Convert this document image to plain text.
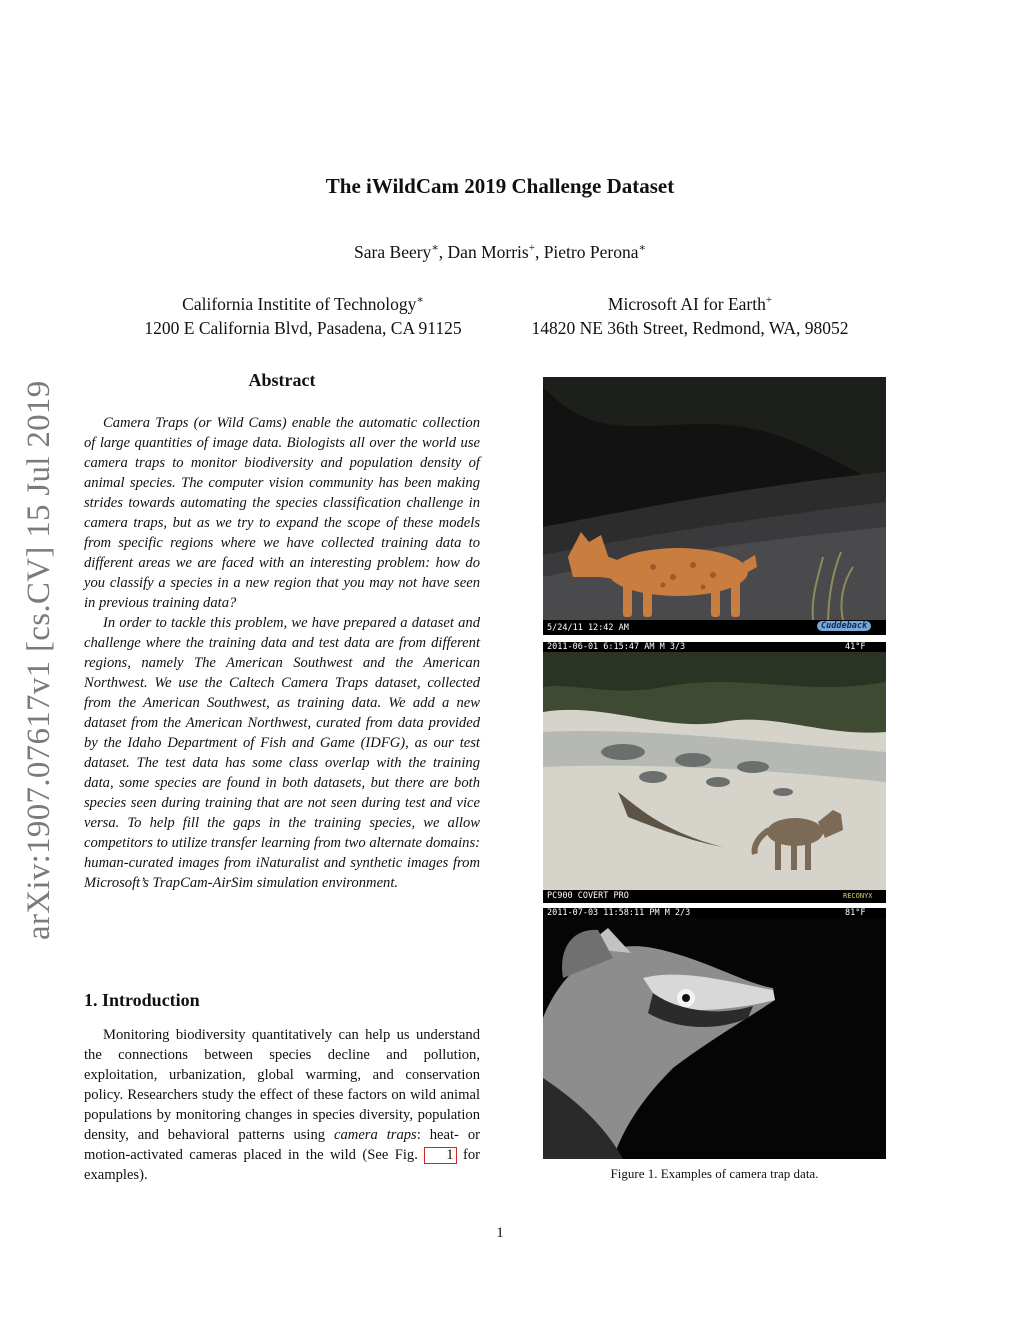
The iWildCam 2019 Challenge Dataset
Sara Beery∗, Dan Morris+, Pietro Perona∗
California Institite of Technology∗
1200 E California Blvd, Pasadena, CA 91125
Microsoft AI for Earth+
14820 NE 36th Street, Redmond, WA, 98052
arXiv:1907.07617v1 [cs.CV] 15 Jul 2019
Abstract

Camera Traps (or Wild Cams) enable the automatic collection of large quantities of image data. Biologists all over the world use camera traps to monitor biodiversity and population density of animal species. The computer vision community has been making strides towards automating the species classification challenge in camera traps, but as we try to expand the scope of these models from specific regions where we have collected training data to different areas we are faced with an interesting problem: how do you classify a species in a new region that you may not have seen in previous training data?

In order to tackle this problem, we have prepared a dataset and challenge where the training data and test data are from different regions, namely The American Southwest and the American Northwest. We use the Caltech Camera Traps dataset, collected from the American Southwest, as training data. We add a new dataset from the American Northwest, curated from data provided by the Idaho Department of Fish and Game (IDFG), as our test dataset. The test data has some class overlap with the training data, some species are found in both datasets, but there are both species seen during training that are not seen during test and vice versa. To help fill the gaps in the training species, we allow competitors to utilize transfer learning from two alternate domains: human-curated images from iNaturalist and synthetic images from Microsoft’s TrapCam-AirSim simulation environment.

1. Introduction

Monitoring biodiversity quantitatively can help us understand the connections between species decline and pollution, exploitation, urbanization, global warming, and conservation policy. Researchers study the effect of these factors on wild animal populations by monitoring changes in species diversity, population density, and behavioral patterns using camera traps: heat- or motion-activated cameras placed in the wild (See Fig. 1 for examples).

5/24/11 12:42 AM	Cuddeback
2011-06-01 6:15:47 AM M 3/3	41°F
PC900 COVERT PRO	RECONYX
2011-07-03 11:58:11 PM M 2/3	81°F
Figure 1. Examples of camera trap data.
1
